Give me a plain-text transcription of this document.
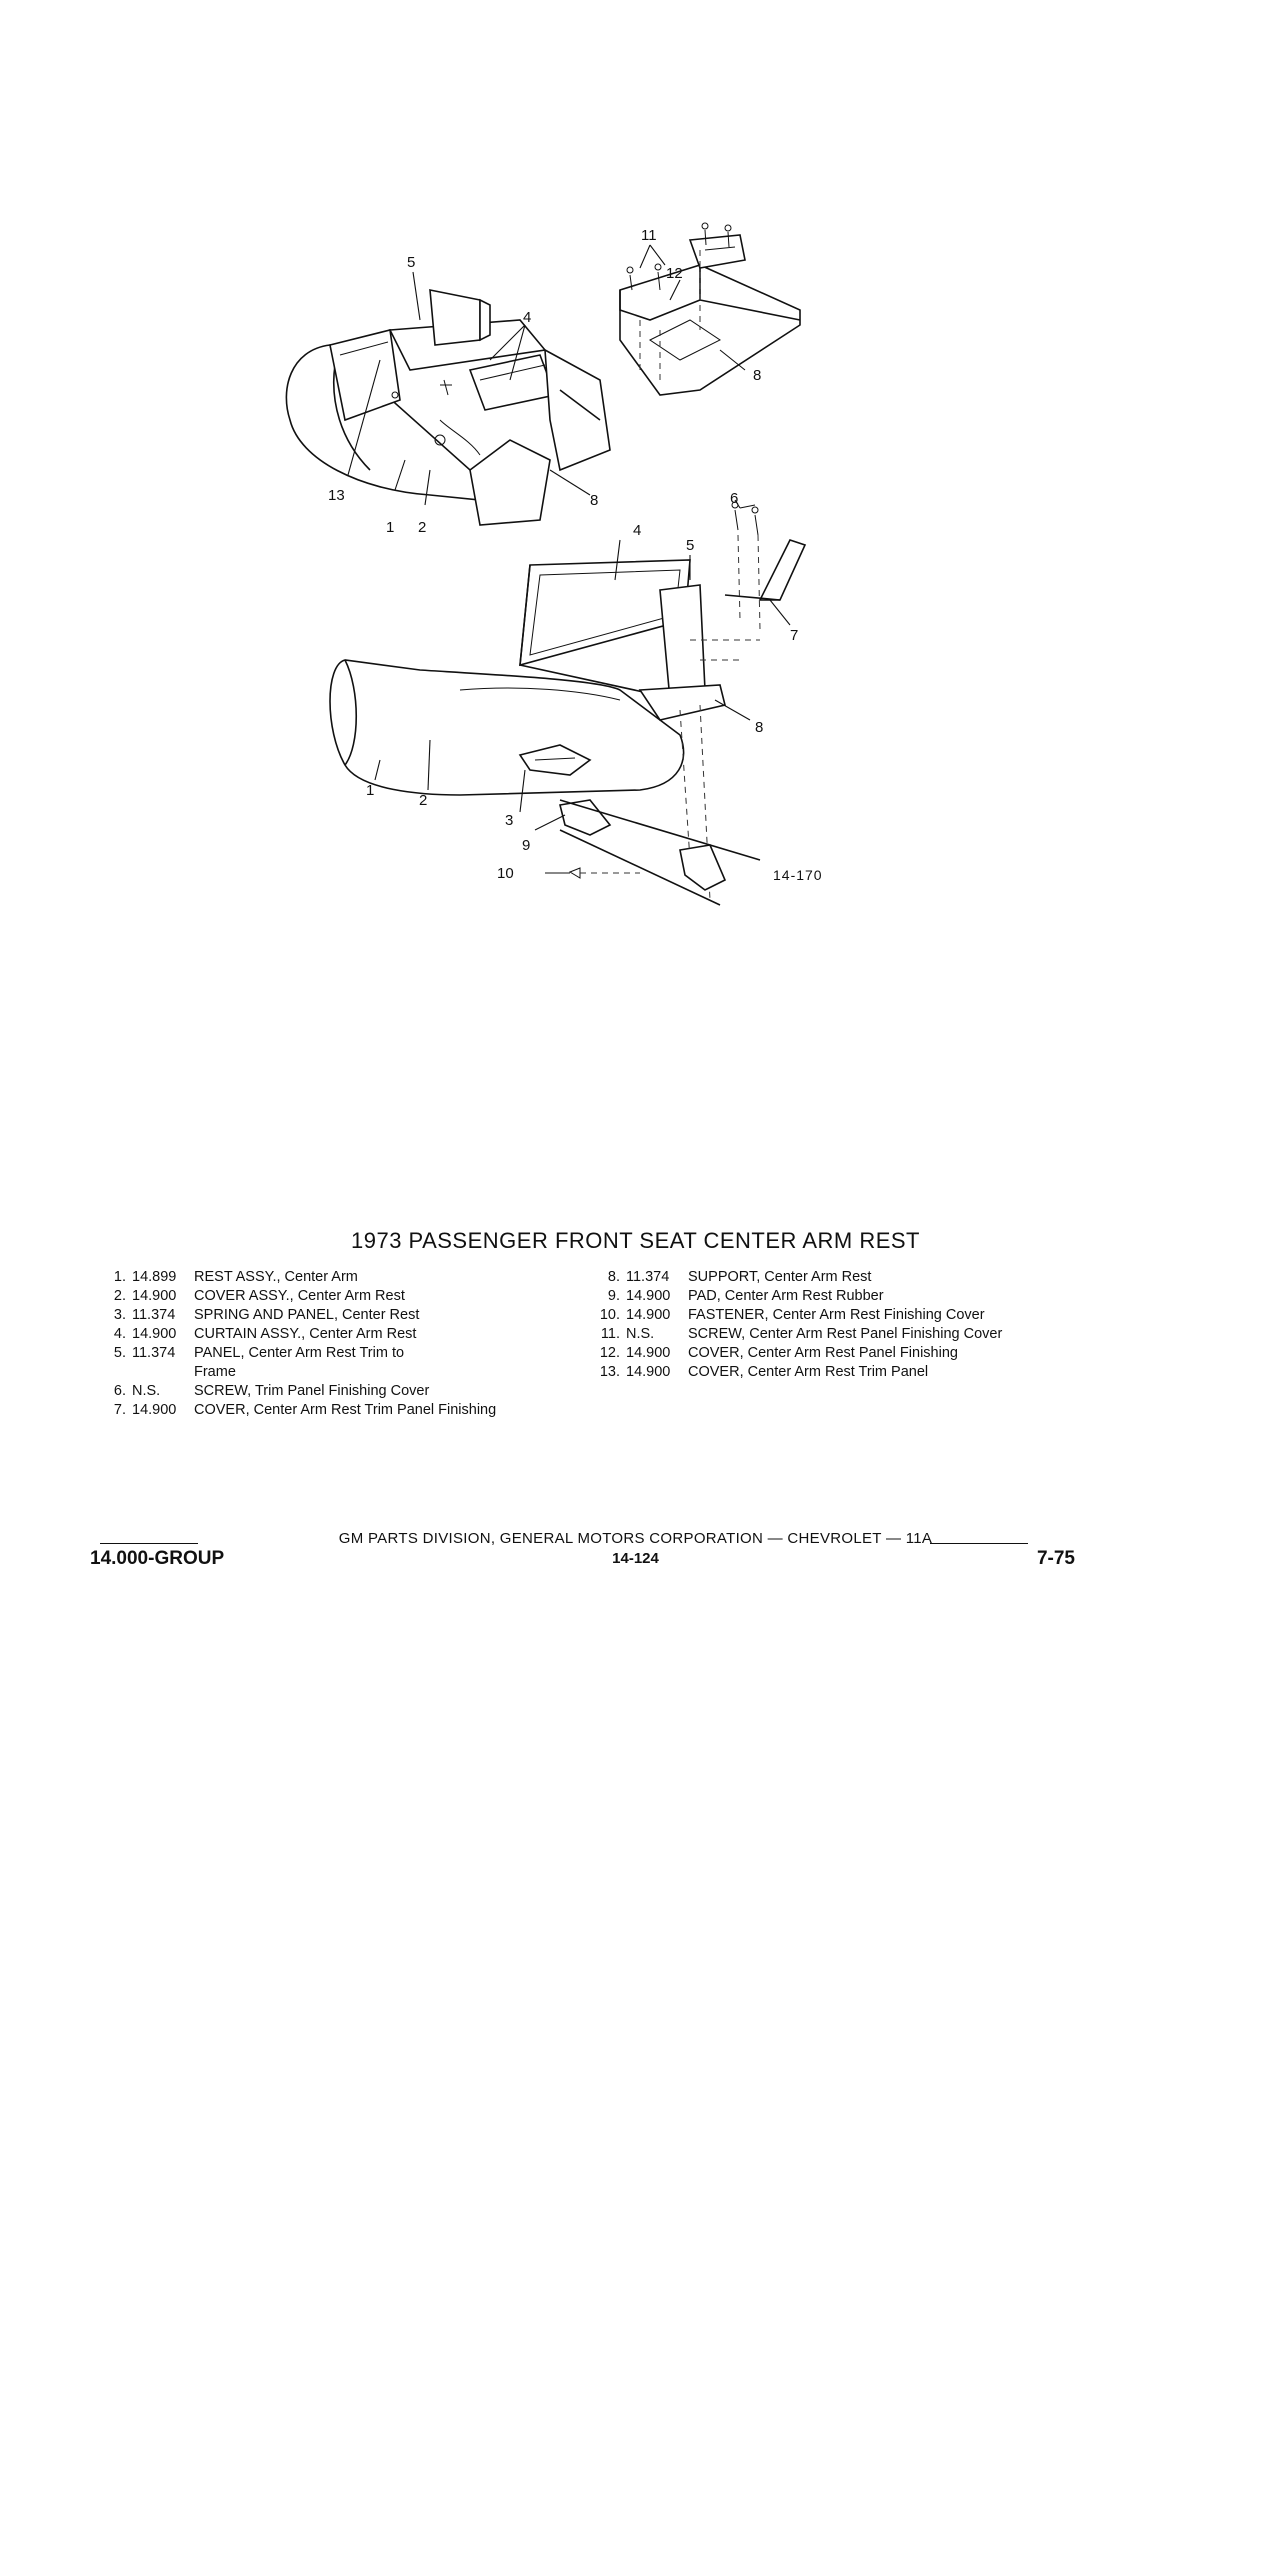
5
4
13
1 2
8
11
12
8
4
5
6
7
8
1
2
3
9
10	14-170
1973 PASSENGER FRONT SEAT CENTER ARM REST
1. 14.899	REST ASSY., Center Arm
2. 14.900	COVER ASSY., Center Arm Rest
3. 11.374	SPRING AND PANEL, Center Rest
4. 14.900	CURTAIN ASSY., Center Arm Rest
5. 11.374	PANEL, Center Arm Rest Trim to Frame
6. N.S.	SCREW, Trim Panel Finishing Cover
7. 14.900	COVER, Center Arm Rest Trim Panel Finishing
8. 11.374	SUPPORT, Center Arm Rest
9. 14.900	PAD, Center Arm Rest Rubber
10. 14.900	FASTENER, Center Arm Rest Finishing Cover
11. N.S.	SCREW, Center Arm Rest Panel Finishing Cover
12. 14.900	COVER, Center Arm Rest Panel Finishing
13. 14.900	COVER, Center Arm Rest Trim Panel
GM PARTS DIVISION, GENERAL MOTORS CORPORATION — CHEVROLET — 11A
14.000-GROUP	14-124	7-75
